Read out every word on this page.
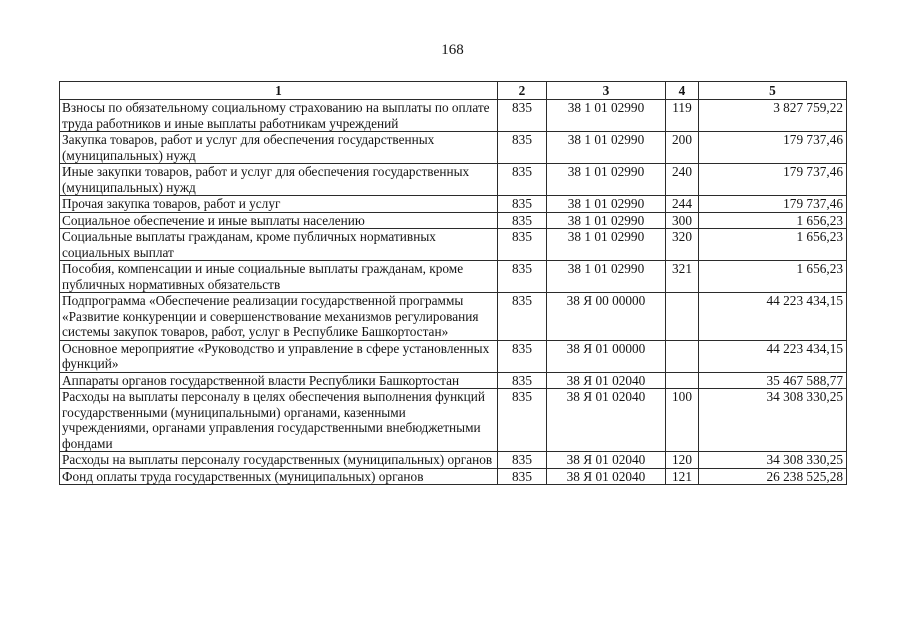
168
1	2	3	4	5
Взносы по обязательному социальному страхованию на выплаты по оплате труда работников и иные выплаты работникам учреждений	835	38 1 01 02990	119	3 827 759,22
Закупка товаров, работ и услуг для обеспечения государственных (муниципальных) нужд	835	38 1 01 02990	200	179 737,46
Иные закупки товаров, работ и услуг для обеспечения государственных (муниципальных) нужд	835	38 1 01 02990	240	179 737,46
Прочая закупка товаров, работ и услуг	835	38 1 01 02990	244	179 737,46
Социальное обеспечение и иные выплаты населению	835	38 1 01 02990	300	1 656,23
Социальные выплаты гражданам, кроме публичных нормативных социальных выплат	835	38 1 01 02990	320	1 656,23
Пособия, компенсации и иные социальные выплаты гражданам, кроме публичных нормативных обязательств	835	38 1 01 02990	321	1 656,23
Подпрограмма «Обеспечение реализации государственной программы «Развитие конкуренции и совершенствование механизмов регулирования системы закупок товаров, работ, услуг в Республике Башкортостан»	835	38 Я 00 00000		44 223 434,15
Основное мероприятие «Руководство и управление в сфере установленных функций»	835	38 Я 01 00000		44 223 434,15
Аппараты органов государственной власти Республики Башкортостан	835	38 Я 01 02040		35 467 588,77
Расходы на выплаты персоналу в целях обеспечения выполнения функций государственными (муниципальными) органами, казенными учреждениями, органами управления государственными внебюджетными фондами	835	38 Я 01 02040	100	34 308 330,25
Расходы на выплаты персоналу государственных (муниципальных) органов	835	38 Я 01 02040	120	34 308 330,25
Фонд оплаты труда государственных (муниципальных) органов	835	38 Я 01 02040	121	26 238 525,28
